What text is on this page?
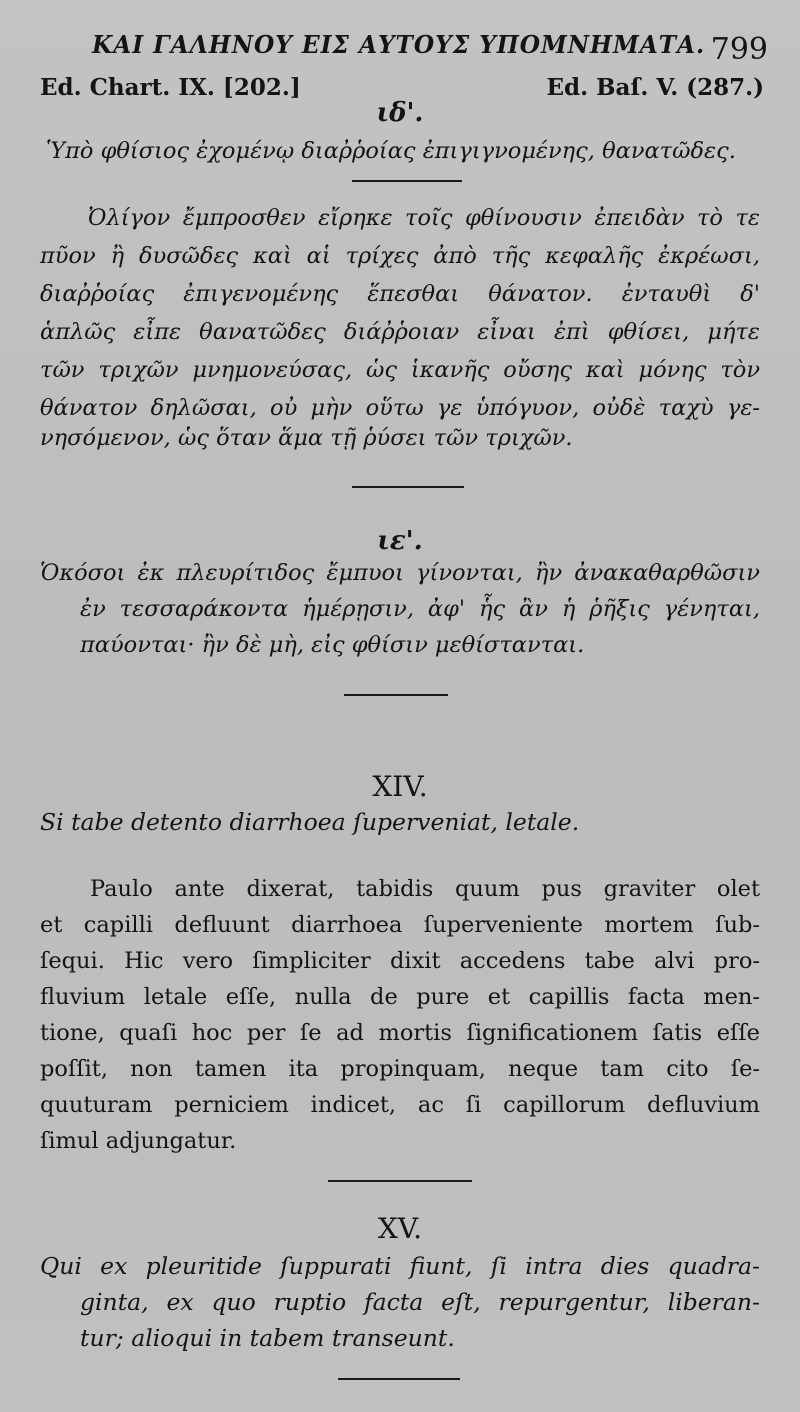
ΚΑΙ ΓΑΛΗΝΟΥ ΕΙΣ ΑΥΤΟΥΣ ΥΠΟΜΝΗΜΑΤΑ. 799
Ed. Chart. IX. [202.]	Ed. Baſ. V. (287.)
ιδ'.
Ὑπὸ φθίσιος ἐχομένῳ διαῤῥοίας ἐπιγιγνομένης, θανατῶδες.
Ὀλίγον ἔμπροσθεν εἴρηκε τοῖς φθίνουσιν ἐπειδὰν τὸ τε
πῦον ἢ δυσῶδες καὶ αἱ τρίχες ἀπὸ τῆς κεφαλῆς ἐκρέωσι,
διαῤῥοίας ἐπιγενομένης ἕπεσθαι θάνατον. ἐνταυθὶ δ'
ἁπλῶς εἶπε θανατῶδες διάῤῥοιαν εἶναι ἐπὶ φθίσει, μήτε
τῶν τριχῶν μνημονεύσας, ὡς ἱκανῆς οὔσης καὶ μόνης τὸν
θάνατον δηλῶσαι, οὐ μὴν οὕτω γε ὑπόγυον, οὐδὲ ταχὺ γε-
νησόμενον, ὡς ὅταν ἅμα τῇ ῥύσει τῶν τριχῶν.
ιε'.
Ὁκόσοι ἐκ πλευρίτιδος ἔμπυοι γίνονται, ἢν ἀνακαθαρθῶσιν
ἐν τεσσαράκοντα ἡμέρῃσιν, ἀφ' ἧς ἂν ἡ ῥῆξις γένηται,
παύονται· ἢν δὲ μὴ, εἰς φθίσιν μεθίστανται.
XIV.
Si tabe detento diarrhoea ſuperveniat, letale.
Paulo ante dixerat, tabidis quum pus graviter olet
et capilli defluunt diarrhoea ſuperveniente mortem ſub-
ſequi. Hic vero ſimpliciter dixit accedens tabe alvi pro-
fluvium letale eſſe, nulla de pure et capillis facta men-
tione, quaſi hoc per ſe ad mortis ſignificationem ſatis eſſe
poſſit, non tamen ita propinquam, neque tam cito ſe-
quuturam perniciem indicet, ac ſi capillorum defluvium
ſimul adjungatur.
XV.
Qui ex pleuritide ſuppurati fiunt, ſi intra dies quadra-
ginta, ex quo ruptio facta eſt, repurgentur, liberan-
tur; alioqui in tabem transeunt.
